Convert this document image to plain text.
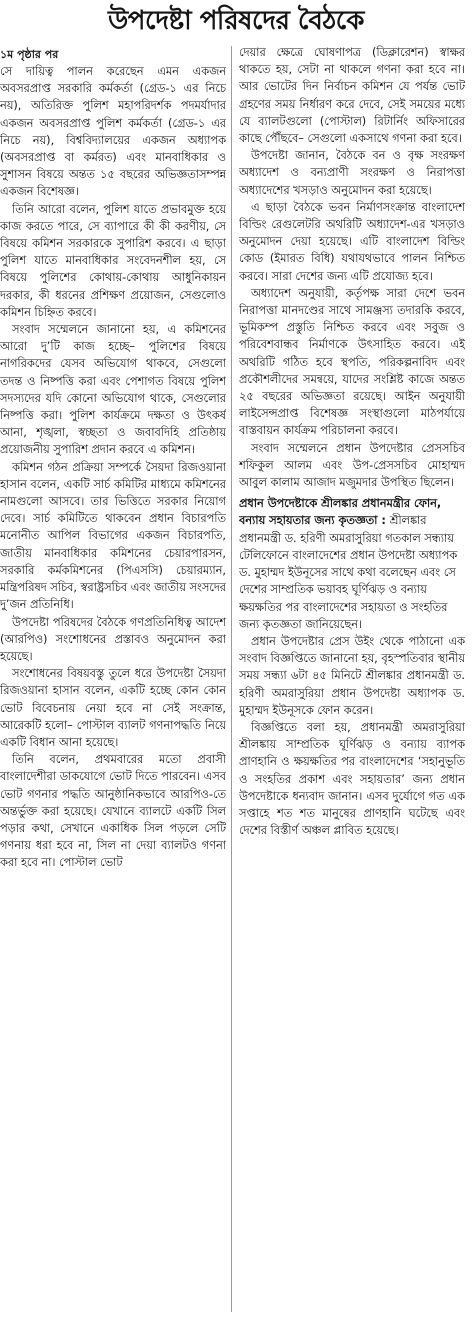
উপদেষ্টা পরিষদের বৈঠকে
১ম পৃষ্ঠার পর

সে দায়িত্ব পালন করেছেন এমন একজন অবসরপ্রাপ্ত সরকারি কর্মকর্তা (গ্রেড-১ এর নিচে নয়), অতিরিক্ত পুলিশ মহাপরিদর্শক পদমর্যাদার একজন অবসরপ্রাপ্ত পুলিশ কর্মকর্তা (গ্রেড-১ এর নিচে নয়), বিশ্ববিদ্যালয়ের একজন অধ্যাপক (অবসরপ্রাপ্ত বা কর্মরত) এবং মানবাধিকার ও সুশাসন বিষয়ে অন্তত ১৫ বছরের অভিজ্ঞতাসম্পন্ন একজন বিশেষজ্ঞ।

তিনি আরো বলেন, পুলিশ যাতে প্রভাবমুক্ত হয়ে কাজ করতে পারে, সে ব্যাপারে কী কী করণীয়, সে বিষয়ে কমিশন সরকারকে সুপারিশ করবে। এ ছাড়া পুলিশ যাতে মানবাধিকার সংবেদনশীল হয়, সে বিষয়ে পুলিশের কোথায়-কোথায় আধুনিকায়ন দরকার, কী ধরনের প্রশিক্ষণ প্রয়োজন, সেগুলোও কমিশন চিহ্নিত করবে।

সংবাদ সম্মেলনে জানানো হয়, এ কমিশনের আরো দু’টি কাজ হচ্ছে– পুলিশের বিষয়ে নাগরিকদের যেসব অভিযোগ থাকবে, সেগুলো তদন্ত ও নিষ্পত্তি করা এবং পেশাগত বিষয়ে পুলিশ সদস্যদের যদি কোনো অভিযোগ থাকে, সেগুলোর নিষ্পত্তি করা। পুলিশ কার্যক্রমে দক্ষতা ও উৎকর্ষ আনা, শৃঙ্খলা, স্বচ্ছতা ও জবাবদিহি প্রতিষ্ঠায় প্রয়োজনীয় সুপারিশ প্রদান করবে এ কমিশন।

কমিশন গঠন প্রক্রিয়া সম্পর্কে সৈয়দা রিজওয়ানা হাসান বলেন, একটি সার্চ কমিটির মাধ্যমে কমিশনের নামগুলো আসবে। তার ভিত্তিতে সরকার নিয়োগ দেবে। সার্চ কমিটিতে থাকবেন প্রধান বিচারপতি মনোনীত আপিল বিভাগের একজন বিচারপতি, জাতীয় মানবাধিকার কমিশনের চেয়ারপারসন, সরকারি কর্মকমিশনের (পিএসসি) চেয়ারম্যান, মন্ত্রিপরিষদ সচিব, স্বরাষ্ট্রসচিব এবং জাতীয় সংসদের দু’জন প্রতিনিধি।

উপদেষ্টা পরিষদের বৈঠকে গণপ্রতিনিধিত্ব আদেশ (আরপিও) সংশোধনের প্রস্তাবও অনুমোদন করা হয়েছে।

সংশোধনের বিষয়বস্তু তুলে ধরে উপদেষ্টা সৈয়দা রিজওয়ানা হাসান বলেন, একটি হচ্ছে কোন কোন ভোট বিবেচনায় নেয়া হবে না সেই সংক্রান্ত, আরেকটি হলো– পোস্টাল ব্যালট গণনাপদ্ধতি নিয়ে একটি বিধান আনা হয়েছে।

তিনি বলেন, প্রথমবারের মতো প্রবাসী বাংলাদেশীরা ডাকযোগে ভোট দিতে পারবেন। এসব ভোট গণনার পদ্ধতি আনুষ্ঠানিকভাবে আরপিও-তে অন্তর্ভুক্ত করা হয়েছে। যেখানে ব্যালটে একটি সিল পড়ার কথা, সেখানে একাধিক সিল পড়লে সেটি গণনায় ধরা হবে না, সিল না দেয়া ব্যালটও গণনা করা হবে না। পোস্টাল ভোট

দেয়ার ক্ষেত্রে ঘোষণাপত্র (ডিক্লারেশন) স্বাক্ষর থাকতে হয়, সেটা না থাকলে গণনা করা হবে না। আর ভোটের দিন নির্বাচন কমিশন যে পর্যন্ত ভোট গ্রহণের সময় নির্ধারণ করে দেবে, সেই সময়ের মধ্যে যে ব্যালটগুলো (পোস্টাল) রিটার্নিং অফিসারের কাছে পৌঁছবে– সেগুলো একসাথে গণনা করা হবে।

উপদেষ্টা জানান, বৈঠকে বন ও বৃক্ষ সংরক্ষণ অধ্যাদেশ ও বন্যপ্রাণী সংরক্ষণ ও নিরাপত্তা অধ্যাদেশের খসড়াও অনুমোদন করা হয়েছে।

এ ছাড়া বৈঠকে ভবন নির্মাণসংক্রান্ত বাংলাদেশ বিল্ডিং রেগুলেটরি অথরিটি অধ্যাদেশ-এর খসড়াও অনুমোদন দেয়া হয়েছে। এটি বাংলাদেশ বিল্ডিং কোড (ইমারত বিধি) যথাযথভাবে পালন নিশ্চিত করবে। সারা দেশের জন্য এটি প্রযোজ্য হবে।

অধ্যাদেশ অনুযায়ী, কর্তৃপক্ষ সারা দেশে ভবন নিরাপত্তা মানদণ্ডের সাথে সামঞ্জস্য তদারকি করবে, ভূমিকম্প প্রস্তুতি নিশ্চিত করবে এবং সবুজ ও পরিবেশবান্ধব নির্মাণকে উৎসাহিত করবে। এই অথরিটি গঠিত হবে স্থপতি, পরিকল্পনাবিদ এবং প্রকৌশলীদের সমন্বয়ে, যাদের সংশ্লিষ্ট কাজে অন্তত ২৫ বছরের অভিজ্ঞতা রয়েছে। আইন অনুযায়ী লাইসেন্সপ্রাপ্ত বিশেষজ্ঞ সংস্থাগুলো মাঠপর্যায়ে বাস্তবায়ন কার্যক্রম পরিচালনা করবে।

সংবাদ সম্মেলনে প্রধান উপদেষ্টার প্রেসসচিব শফিকুল আলম এবং উপ-প্রেসসচিব মোহাম্মদ আবুল কালাম আজাদ মজুমদার উপস্থিত ছিলেন।

প্রধান উপদেষ্টাকে শ্রীলঙ্কার প্রধানমন্ত্রীর ফোন, বন্যায় সহায়তার জন্য কৃতজ্ঞতা : শ্রীলঙ্কার প্রধানমন্ত্রী ড. হরিণী অমরাসুরিয়া গতকাল সন্ধ্যায় টেলিফোনে বাংলাদেশের প্রধান উপদেষ্টা অধ্যাপক ড. মুহাম্মদ ইউনূসের সাথে কথা বলেছেন এবং সে দেশের সাম্প্রতিক ভয়াবহ ঘূর্ণিঝড় ও বন্যায় ক্ষয়ক্ষতির পর বাংলাদেশের সহায়তা ও সংহতির জন্য কৃতজ্ঞতা জানিয়েছেন।

প্রধান উপদেষ্টার প্রেস উইং থেকে পাঠানো এক সংবাদ বিজ্ঞপ্তিতে জানানো হয়, বৃহস্পতিবার স্থানীয় সময় সন্ধ্যা ৬টা ৪৫ মিনিটে শ্রীলঙ্কার প্রধানমন্ত্রী ড. হরিণী অমরাসুরিয়া প্রধান উপদেষ্টা অধ্যাপক ড. মুহাম্মদ ইউনূসকে ফোন করেন।

বিজ্ঞপ্তিতে বলা হয়, প্রধানমন্ত্রী অমরাসুরিয়া শ্রীলঙ্কায় সাম্প্রতিক ঘূর্ণিঝড় ও বন্যায় ব্যাপক প্রাণহানি ও ক্ষয়ক্ষতির পর বাংলাদেশের ‘সহানুভূতি ও সংহতির প্রকাশ এবং সহায়তার’ জন্য প্রধান উপদেষ্টাকে ধন্যবাদ জানান। এসব দুর্যোগে গত এক সপ্তাহে শত শত মানুষের প্রাণহানি ঘটেছে এবং দেশের বিস্তীর্ণ অঞ্চল প্লাবিত হয়েছে।
